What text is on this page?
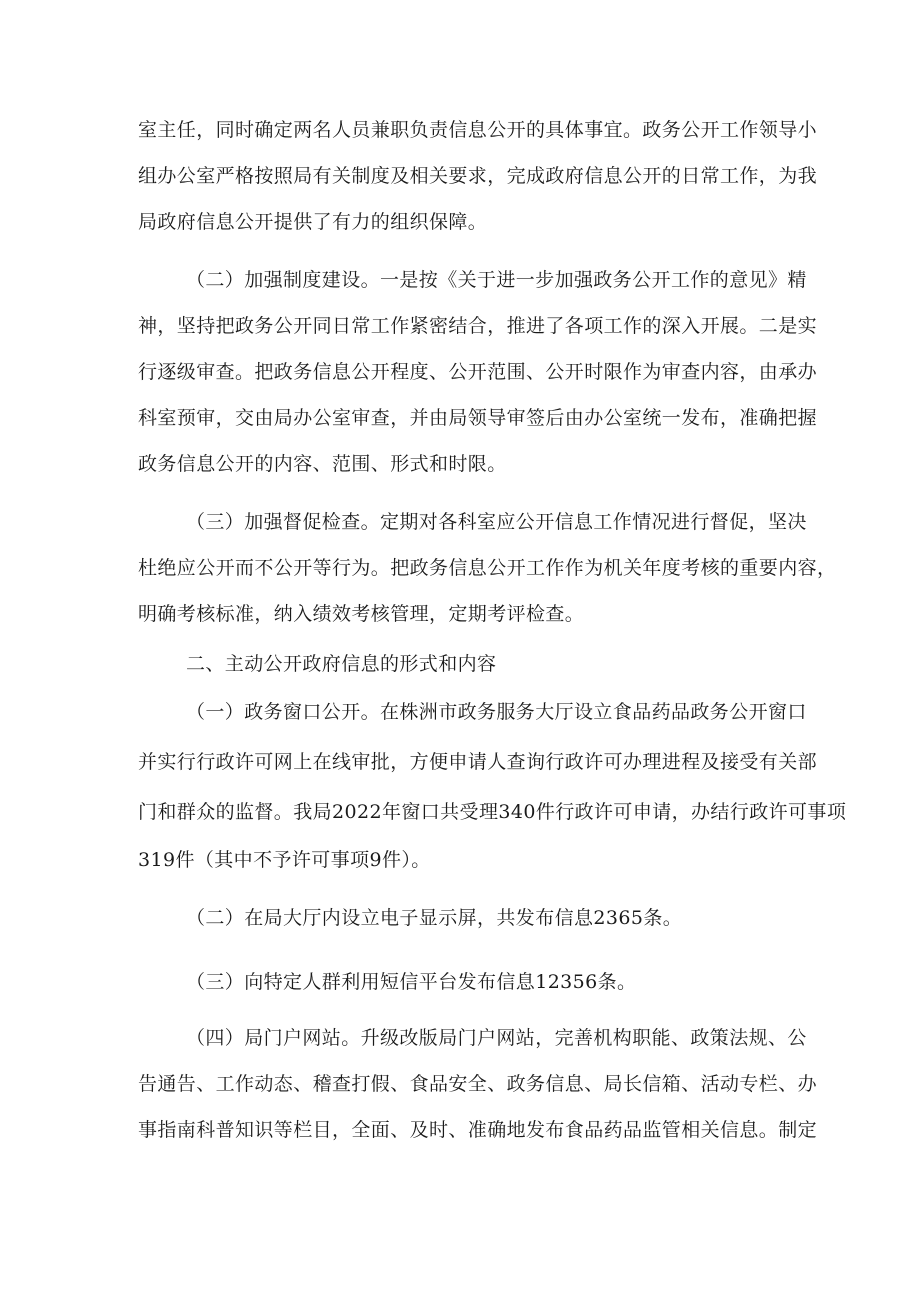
室主任，同时确定两名人员兼职负责信息公开的具体事宜。政务公开工作领导小
组办公室严格按照局有关制度及相关要求，完成政府信息公开的日常工作，为我
局政府信息公开提供了有力的组织保障。
（二）加强制度建设。一是按《关于进一步加强政务公开工作的意见》精
神，坚持把政务公开同日常工作紧密结合，推进了各项工作的深入开展。二是实
行逐级审查。把政务信息公开程度、公开范围、公开时限作为审查内容，由承办
科室预审，交由局办公室审查，并由局领导审签后由办公室统一发布，准确把握
政务信息公开的内容、范围、形式和时限。
（三）加强督促检查。定期对各科室应公开信息工作情况进行督促，坚决
杜绝应公开而不公开等行为。把政务信息公开工作作为机关年度考核的重要内容，
明确考核标准，纳入绩效考核管理，定期考评检查。
二、主动公开政府信息的形式和内容
（一）政务窗口公开。在株洲市政务服务大厅设立食品药品政务公开窗口
并实行行政许可网上在线审批，方便申请人查询行政许可办理进程及接受有关部
门和群众的监督。我局2022年窗口共受理340件行政许可申请，办结行政许可事项
319件（其中不予许可事项9件）。
（二）在局大厅内设立电子显示屏，共发布信息2365条。
（三）向特定人群利用短信平台发布信息12356条。
（四）局门户网站。升级改版局门户网站，完善机构职能、政策法规、公
告通告、工作动态、稽查打假、食品安全、政务信息、局长信箱、活动专栏、办
事指南科普知识等栏目，全面、及时、准确地发布食品药品监管相关信息。制定
